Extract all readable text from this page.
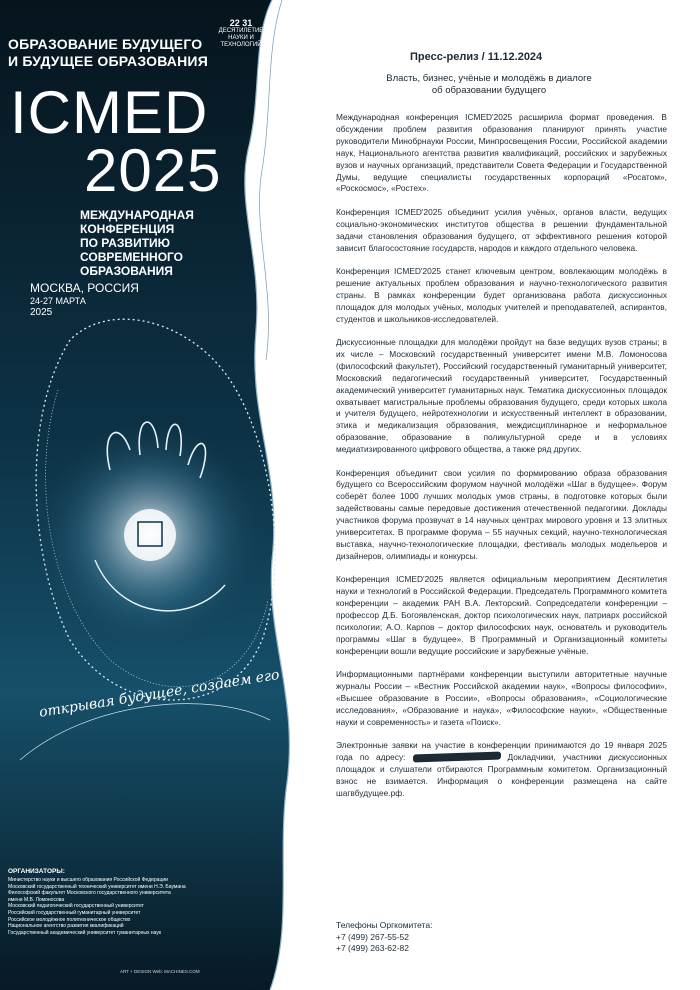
22 31
ДЕСЯТИЛЕТИЕ
НАУКИ И ТЕХНОЛОГИЙ
ОБРАЗОВАНИЕ БУДУЩЕГО
И БУДУЩЕЕ ОБРАЗОВАНИЯ
ICMED
2025
МЕЖДУНАРОДНАЯ КОНФЕРЕНЦИЯ
ПО РАЗВИТИЮ СОВРЕМЕННОГО
ОБРАЗОВАНИЯ
МОСКВА, РОССИЯ
24-27 МАРТА
2025
открывая будущее, создаем его
ОРГАНИЗАТОРЫ:
Министерство науки и высшего образования Российской Федерации
Московский государственный технический университет имени Н.Э. Баумана
Философский факультет Московского государственного университета
имени М.В. Ломоносова
Московский педагогический государственный университет
Российский государственный гуманитарный университет
Российское молодёжное политехническое общество
Национальное агентство развития квалификаций
Государственный академический университет гуманитарных наук
ART + DESIGN Web: MACHINES.COM
Пресс-релиз / 11.12.2024
Власть, бизнес, учёные и молодёжь в диалоге
об образовании будущего

Международная конференция ICMED'2025 расширила формат проведения. В обсуждении проблем развития образования планируют принять участие руководители Минобрнауки России, Минпросвещения России, Российской академии наук, Национального агентства развития квалификаций, российских и зарубежных вузов и научных организаций, представители Совета Федерации и Государственной Думы, ведущие специалисты государственных корпораций «Росатом», «Роскосмос», «Ростех».

Конференция ICMED'2025 объединит усилия учёных, органов власти, ведущих социально-экономических институтов общества в решении фундаментальной задачи становления образования будущего, от эффективного решения которой зависит благосостояние государств, народов и каждого отдельного человека.

Конференция ICMED'2025 станет ключевым центром, вовлекающим молодёжь в решение актуальных проблем образования и научно-технологического развития страны. В рамках конференции будет организована работа дискуссионных площадок для молодых учёных, молодых учителей и преподавателей, аспирантов, студентов и школьников-исследователей.

Дискуссионные площадки для молодёжи пройдут на базе ведущих вузов страны; в их числе – Московский государственный университет имени М.В. Ломоносова (философский факультет), Российский государственный гуманитарный университет, Московский педагогический государственный университет, Государственный академический университет гуманитарных наук. Тематика дискуссионных площадок охватывает магистральные проблемы образования будущего, среди которых школа и учителя будущего, нейротехнологии и искусственный интеллект в образовании, этика и медикализация образования, междисциплинарное и неформальное образование, образование в поликультурной среде и в условиях медиатизированного цифрового общества, а также ряд других.

Конференция объединит свои усилия по формированию образа образования будущего со Всероссийским форумом научной молодёжи «Шаг в будущее». Форум соберёт более 1000 лучших молодых умов страны, в подготовке которых были задействованы самые передовые достижения отечественной педагогики. Доклады участников форума прозвучат в 14 научных центрах мирового уровня и 13 элитных университетах. В программе форума – 55 научных секций, научно-технологическая выставка, научно-технологические площадки, фестиваль молодых модельеров и дизайнеров, олимпиады и конкурсы.

Конференция ICMED'2025 является официальным мероприятием Десятилетия науки и технологий в Российской Федерации. Председатель Программного комитета конференции – академик РАН В.А. Лекторский. Сопредседатели конференции – профессор Д.Б. Богоявленская, доктор психологических наук, патриарх российской психологии; А.О. Карпов – доктор философских наук, основатель и руководитель программы «Шаг в будущее». В Программный и Организационный комитеты конференции вошли ведущие российские и зарубежные учёные.

Информационными партнёрами конференции выступили авторитетные научные журналы России – «Вестник Российской академии наук», «Вопросы философии», «Высшее образование в России», «Вопросы образования», «Социологические исследования», «Образование и наука», «Философские науки», «Общественные науки и современность» и газета «Поиск».

Электронные заявки на участие в конференции принимаются до 19 января 2025 года по адресу:	Докладчики, участники дискуссионных площадок и слушатели отбираются Программным комитетом. Организационный взнос не взимается. Информация о конференции размещена на сайте шагвбудущее.рф.

Телефоны Оргкомитета:
+7 (499) 267-55-52
+7 (499) 263-62-82
